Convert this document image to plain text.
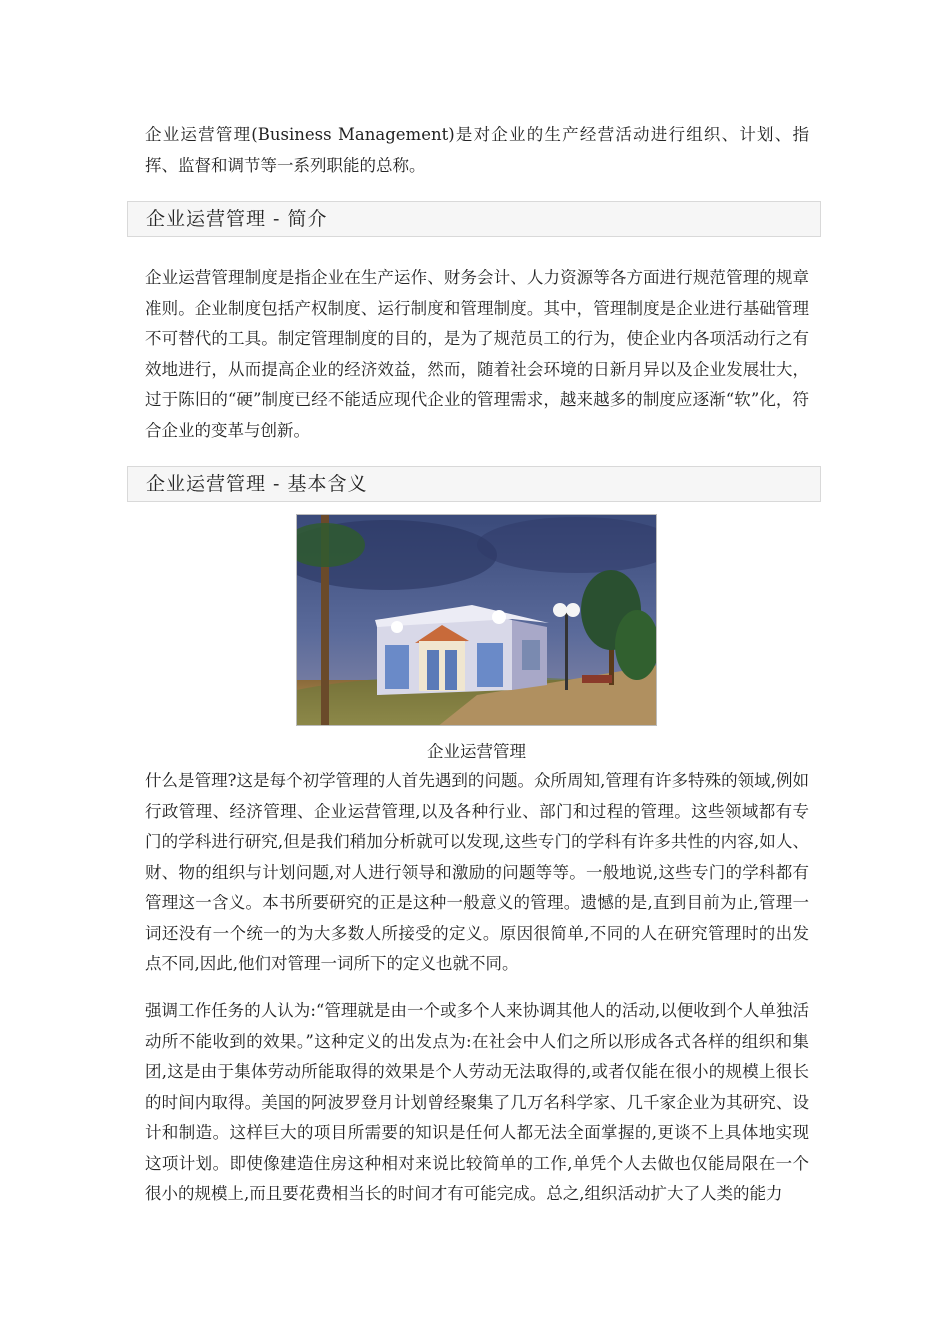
企业运营管理(Business Management)是对企业的生产经营活动进行组织、计划、指挥、监督和调节等一系列职能的总称。

企业运营管理 - 简介

企业运营管理制度是指企业在生产运作、财务会计、人力资源等各方面进行规范管理的规章准则。企业制度包括产权制度、运行制度和管理制度。其中，管理制度是企业进行基础管理不可替代的工具。制定管理制度的目的，是为了规范员工的行为，使企业内各项活动行之有效地进行，从而提高企业的经济效益，然而，随着社会环境的日新月异以及企业发展壮大，过于陈旧的“硬”制度已经不能适应现代企业的管理需求，越来越多的制度应逐渐“软”化，符合企业的变革与创新。

企业运营管理 - 基本含义
企业运营管理

什么是管理?这是每个初学管理的人首先遇到的问题。众所周知,管理有许多特殊的领域,例如行政管理、经济管理、企业运营管理,以及各种行业、部门和过程的管理。这些领域都有专门的学科进行研究,但是我们稍加分析就可以发现,这些专门的学科有许多共性的内容,如人、财、物的组织与计划问题,对人进行领导和激励的问题等等。一般地说,这些专门的学科都有管理这一含义。本书所要研究的正是这种一般意义的管理。遗憾的是,直到目前为止,管理一词还没有一个统一的为大多数人所接受的定义。原因很简单,不同的人在研究管理时的出发点不同,因此,他们对管理一词所下的定义也就不同。

强调工作任务的人认为:“管理就是由一个或多个人来协调其他人的活动,以便收到个人单独活动所不能收到的效果。”这种定义的出发点为:在社会中人们之所以形成各式各样的组织和集团,这是由于集体劳动所能取得的效果是个人劳动无法取得的,或者仅能在很小的规模上很长的时间内取得。美国的阿波罗登月计划曾经聚集了几万名科学家、几千家企业为其研究、设计和制造。这样巨大的项目所需要的知识是任何人都无法全面掌握的,更谈不上具体地实现这项计划。即使像建造住房这种相对来说比较简单的工作,单凭个人去做也仅能局限在一个很小的规模上,而且要花费相当长的时间才有可能完成。总之,组织活动扩大了人类的能力
